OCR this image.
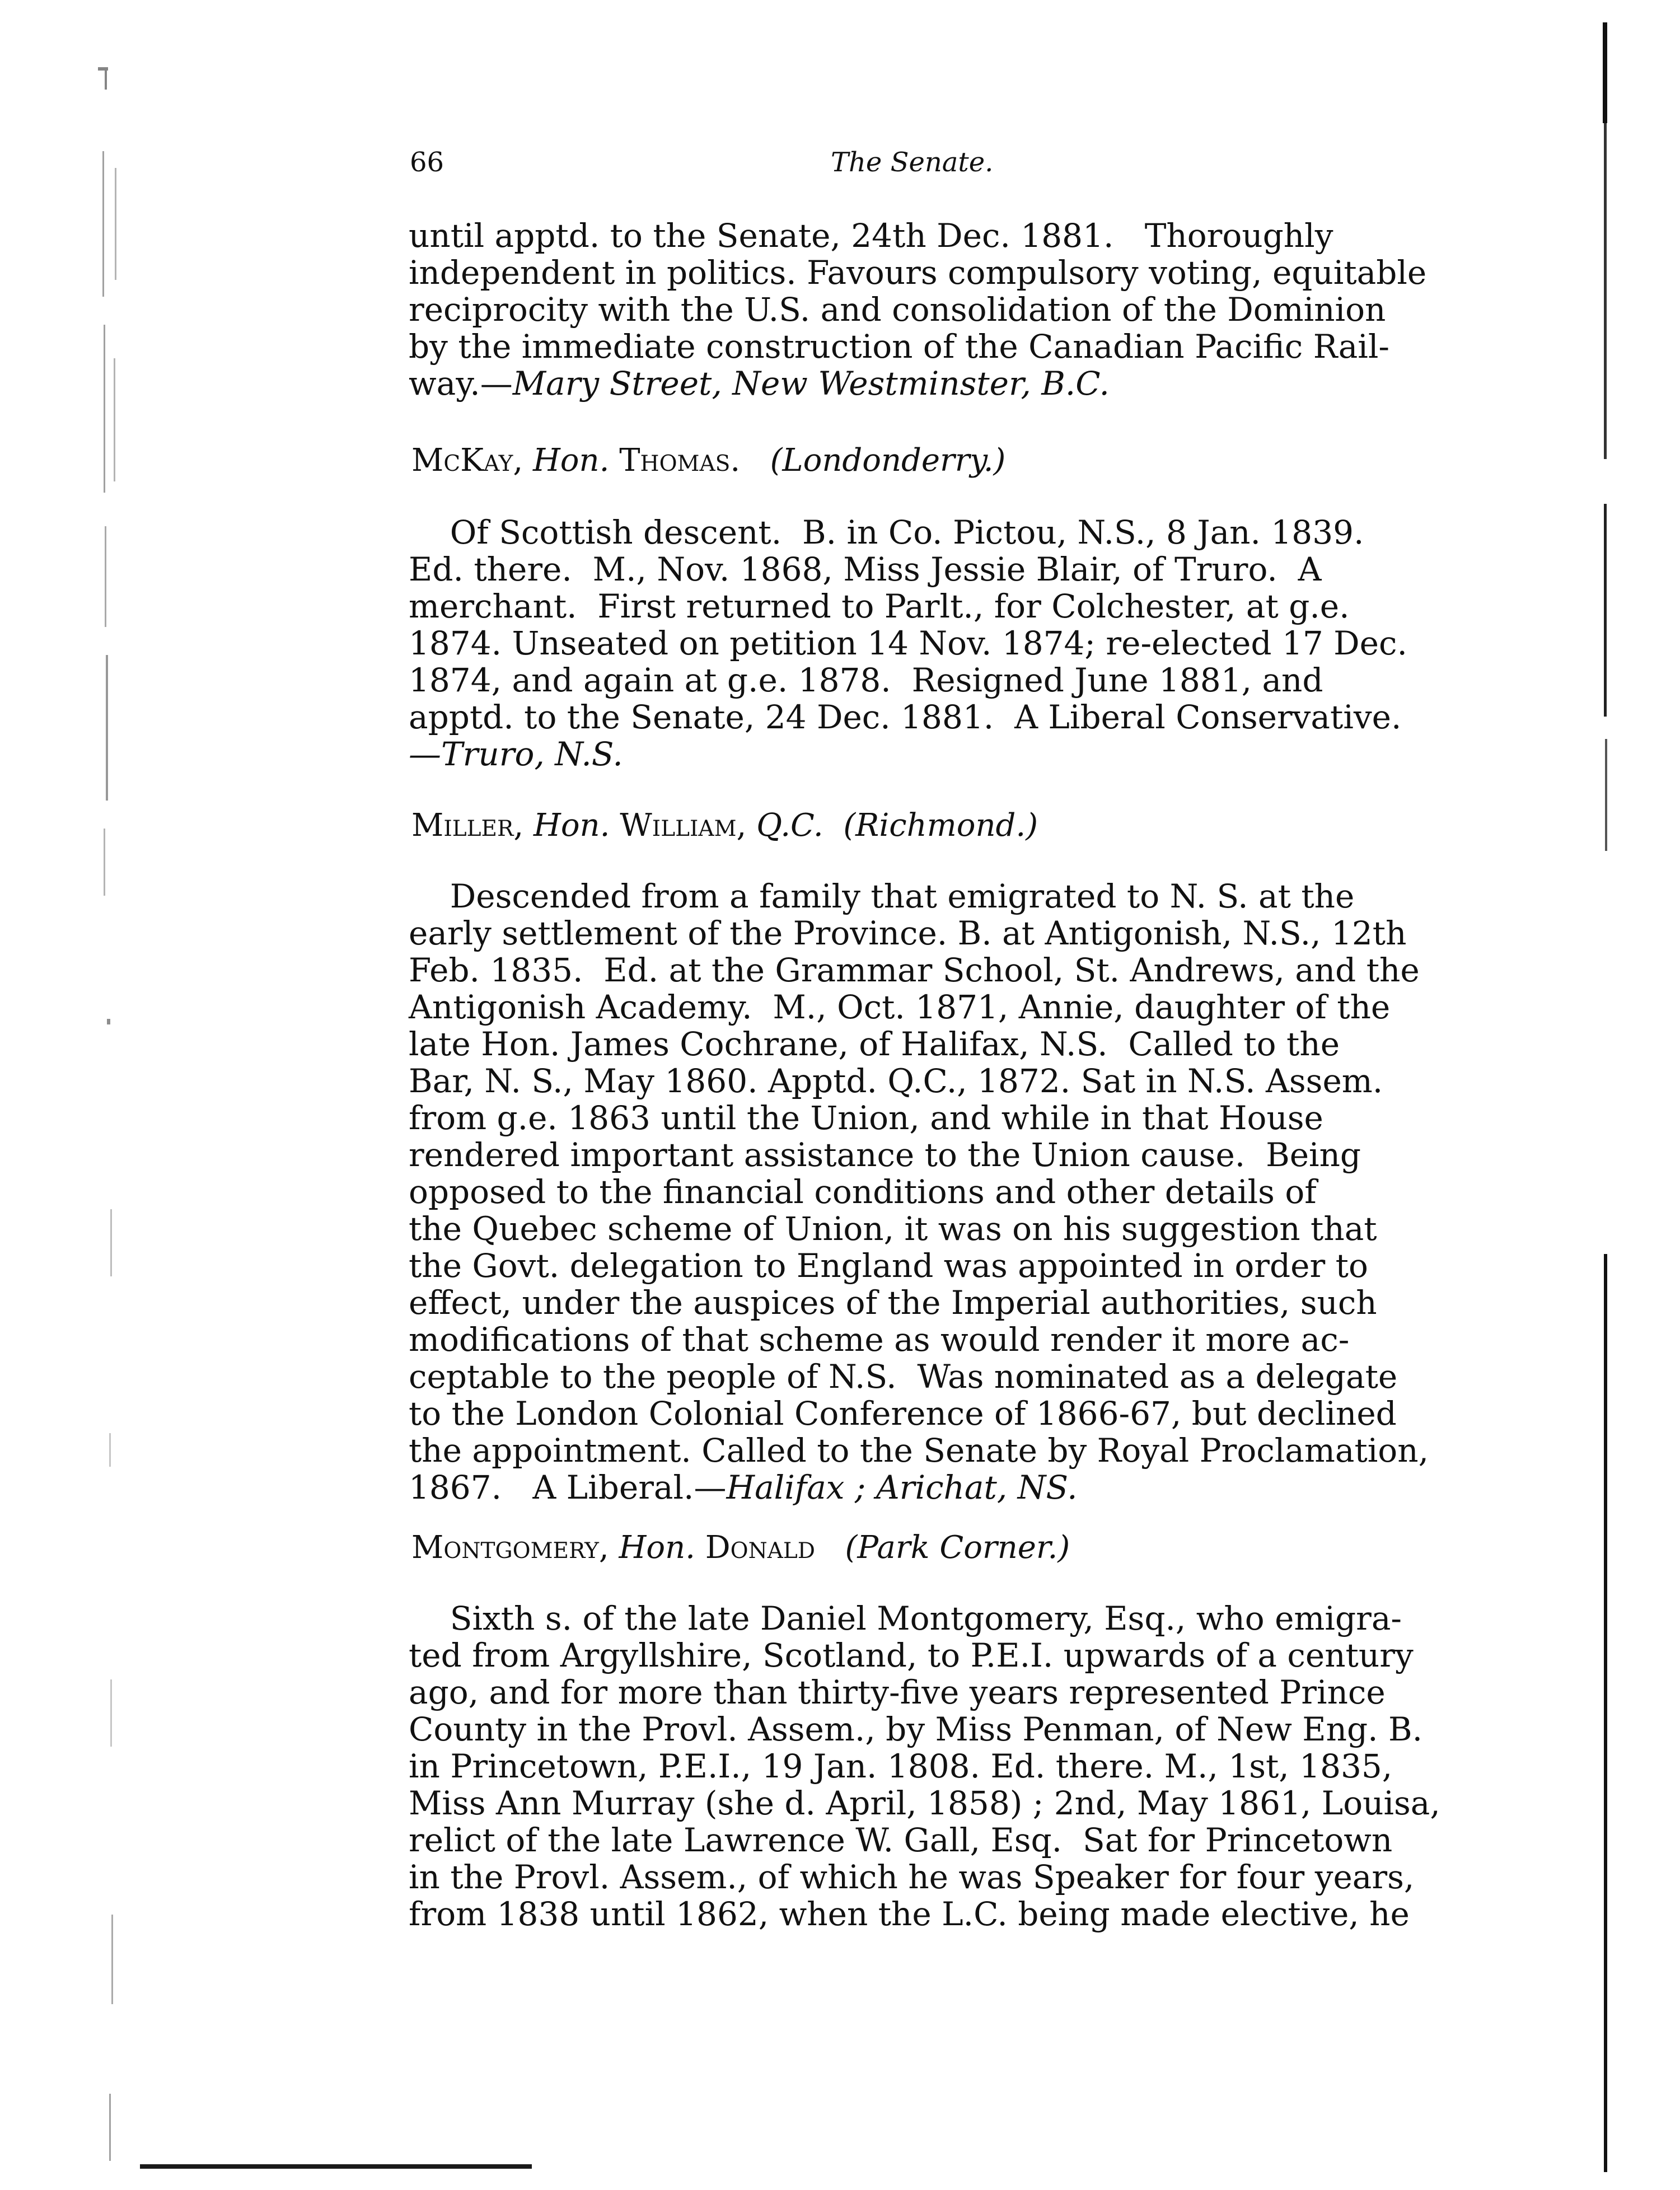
66	The Senate.
until apptd. to the Senate, 24th Dec. 1881.   Thoroughly
independent in politics. Favours compulsory voting, equitable
reciprocity with the U.S. and consolidation of the Dominion
by the immediate construction of the Canadian Pacific Rail-
way.—Mary Street, New Westminster, B.C.
McKay, Hon. Thomas. (Londonderry.)
Of Scottish descent.  B. in Co. Pictou, N.S., 8 Jan. 1839.
Ed. there.  M., Nov. 1868, Miss Jessie Blair, of Truro.  A
merchant.  First returned to Parlt., for Colchester, at g.e.
1874. Unseated on petition 14 Nov. 1874; re-elected 17 Dec.
1874, and again at g.e. 1878.  Resigned June 1881, and
apptd. to the Senate, 24 Dec. 1881.  A Liberal Conservative.
—Truro, N.S.
Miller, Hon. William, Q.C. (Richmond.)
Descended from a family that emigrated to N. S. at the
early settlement of the Province. B. at Antigonish, N.S., 12th
Feb. 1835.  Ed. at the Grammar School, St. Andrews, and the
Antigonish Academy.  M., Oct. 1871, Annie, daughter of the
late Hon. James Cochrane, of Halifax, N.S.  Called to the
Bar, N. S., May 1860. Apptd. Q.C., 1872. Sat in N.S. Assem.
from g.e. 1863 until the Union, and while in that House
rendered important assistance to the Union cause.  Being
opposed to the financial conditions and other details of
the Quebec scheme of Union, it was on his suggestion that
the Govt. delegation to England was appointed in order to
effect, under the auspices of the Imperial authorities, such
modifications of that scheme as would render it more ac-
ceptable to the people of N.S.  Was nominated as a delegate
to the London Colonial Conference of 1866-67, but declined
the appointment. Called to the Senate by Royal Proclamation,
1867.   A Liberal.—Halifax ; Arichat, NS.
Montgomery, Hon. Donald (Park Corner.)
Sixth s. of the late Daniel Montgomery, Esq., who emigra-
ted from Argyllshire, Scotland, to P.E.I. upwards of a century
ago, and for more than thirty-five years represented Prince
County in the Provl. Assem., by Miss Penman, of New Eng. B.
in Princetown, P.E.I., 19 Jan. 1808. Ed. there. M., 1st, 1835,
Miss Ann Murray (she d. April, 1858) ; 2nd, May 1861, Louisa,
relict of the late Lawrence W. Gall, Esq.  Sat for Princetown
in the Provl. Assem., of which he was Speaker for four years,
from 1838 until 1862, when the L.C. being made elective, he
